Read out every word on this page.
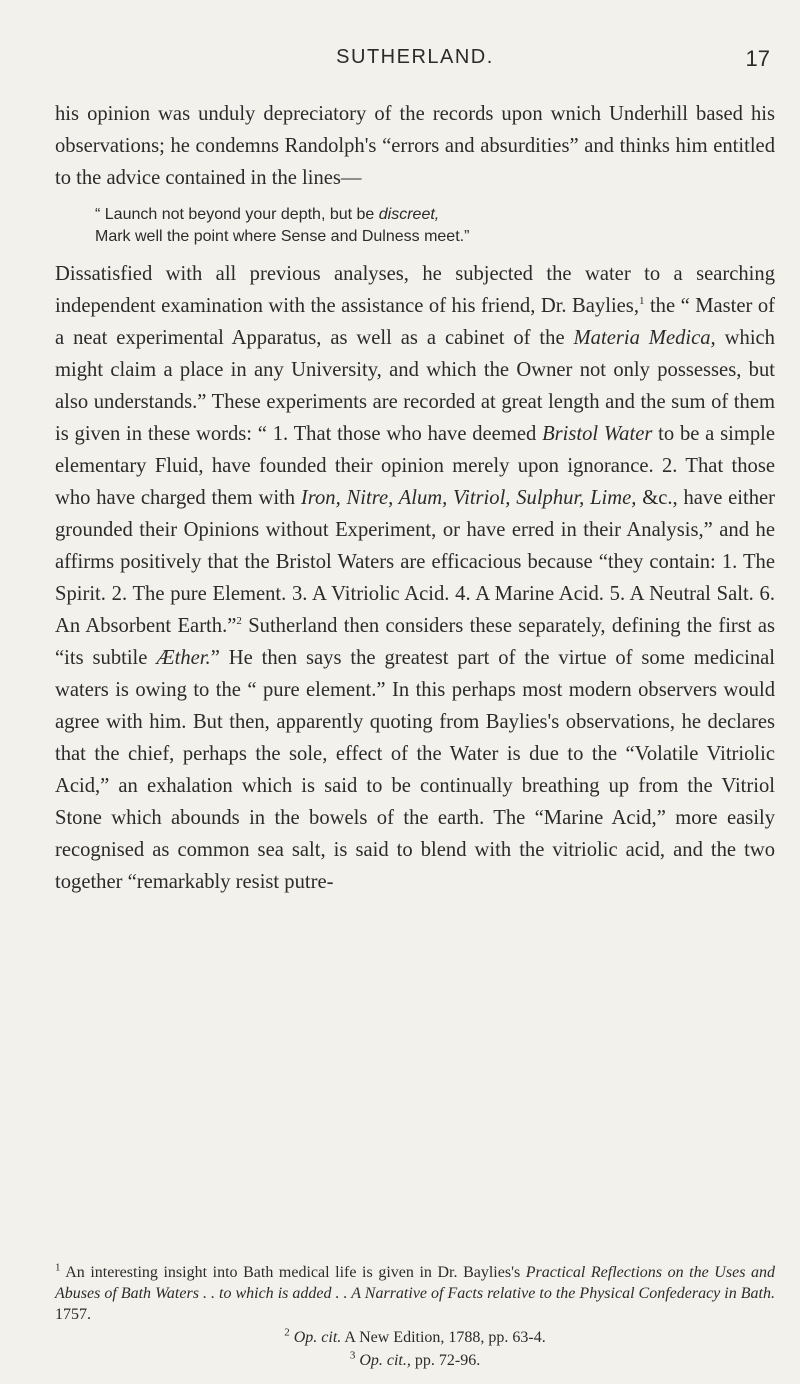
SUTHERLAND.	17

his opinion was unduly depreciatory of the records upon wnich Underhill based his observations; he condemns Randolph's “errors and absurdities” and thinks him entitled to the advice contained in the lines—

“ Launch not beyond your depth, but be discreet,
Mark well the point where Sense and Dulness meet.”

Dissatisfied with all previous analyses, he subjected the water to a searching independent examination with the assistance of his friend, Dr. Baylies,$^1$ the “ Master of a neat experimental Apparatus, as well as a cabinet of the Materia Medica, which might claim a place in any University, and which the Owner not only possesses, but also understands.” These experiments are recorded at great length and the sum of them is given in these words: “ 1. That those who have deemed Bristol Water to be a simple elementary Fluid, have founded their opinion merely upon ignorance. 2. That those who have charged them with Iron, Nitre, Alum, Vitriol, Sulphur, Lime, &c., have either grounded their Opinions without Experiment, or have erred in their Analysis,” and he affirms positively that the Bristol Waters are efficacious because “they contain: 1. The Spirit. 2. The pure Element. 3. A Vitriolic Acid. 4. A Marine Acid. 5. A Neutral Salt. 6. An Absorbent Earth.”$^2$ Sutherland then considers these separately, defining the first as “its subtile Æther.” He then says the greatest part of the virtue of some medicinal waters is owing to the “ pure element.” In this perhaps most modern observers would agree with him. But then, apparently quoting from Baylies's observations, he declares that the chief, perhaps the sole, effect of the Water is due to the “Volatile Vitriolic Acid,” an exhalation which is said to be continually breathing up from the Vitriol Stone which abounds in the bowels of the earth. The “Marine Acid,” more easily recognised as common sea salt, is said to blend with the vitriolic acid, and the two together “remarkably resist putre-

$^1$ An interesting insight into Bath medical life is given in Dr. Baylies's Practical Reflections on the Uses and Abuses of Bath Waters . . to which is added . . A Narrative of Facts relative to the Physical Confederacy in Bath. 1757.

$^2$ Op. cit. A New Edition, 1788, pp. 63-4.

$^3$ Op. cit., pp. 72-96.
